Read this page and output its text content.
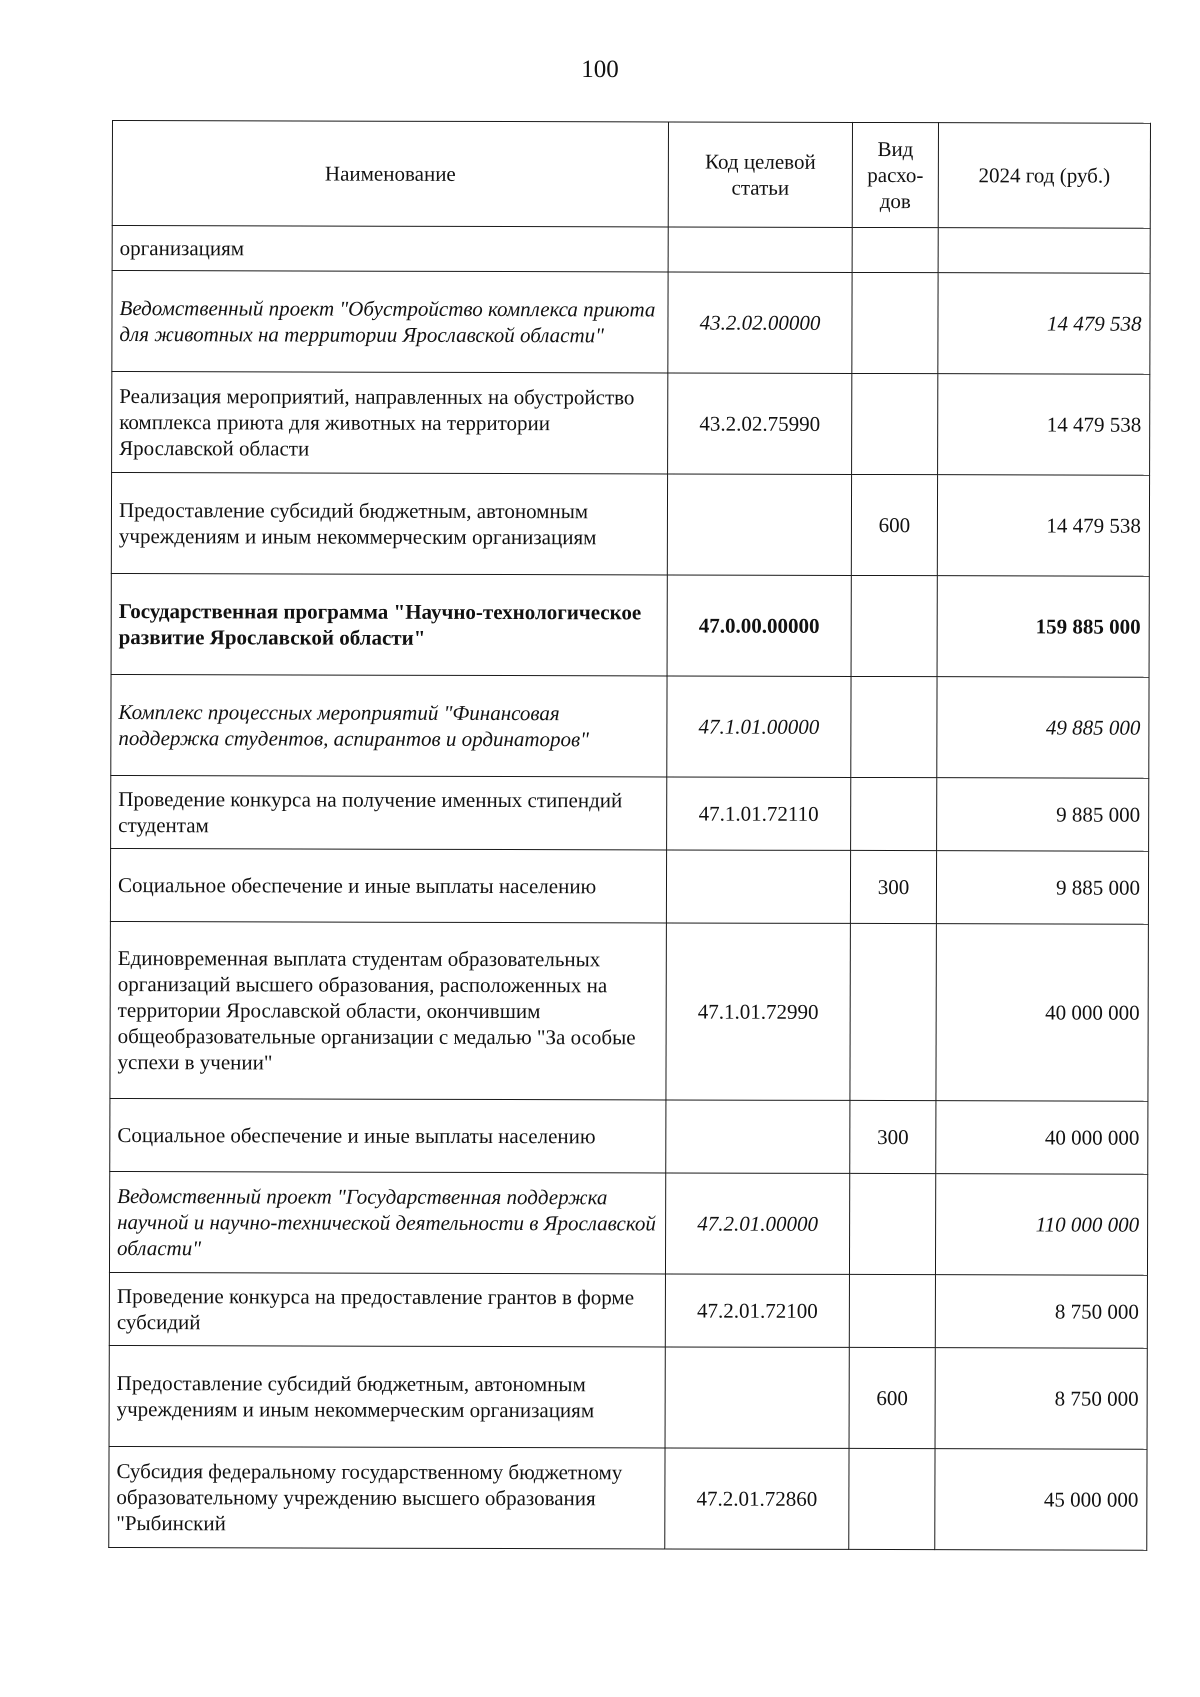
100
Наименование	Код целевой статьи	Вид расхо-дов	2024 год (руб.)
организациям			
Ведомственный проект "Обустройство комплекса приюта для животных на территории Ярославской области"	43.2.02.00000		14 479 538
Реализация мероприятий, направленных на обустройство комплекса приюта для животных на территории Ярославской области	43.2.02.75990		14 479 538
Предоставление субсидий бюджетным, автономным учреждениям и иным некоммерческим организациям		600	14 479 538
Государственная программа "Научно-технологическое развитие Ярославской области"	47.0.00.00000		159 885 000
Комплекс процессных мероприятий "Финансовая поддержка студентов, аспирантов и ординаторов"	47.1.01.00000		49 885 000
Проведение конкурса на получение именных стипендий студентам	47.1.01.72110		9 885 000
Социальное обеспечение и иные выплаты населению		300	9 885 000
Единовременная выплата студентам образовательных организаций высшего образования, расположенных на территории Ярославской области, окончившим общеобразовательные организации с медалью "За особые успехи в учении"	47.1.01.72990		40 000 000
Социальное обеспечение и иные выплаты населению		300	40 000 000
Ведомственный проект "Государственная поддержка научной и научно-технической деятельности в Ярославской области"	47.2.01.00000		110 000 000
Проведение конкурса на предоставление грантов в форме субсидий	47.2.01.72100		8 750 000
Предоставление субсидий бюджетным, автономным учреждениям и иным некоммерческим организациям		600	8 750 000
Субсидия федеральному государственному бюджетному образовательному учреждению высшего образования "Рыбинский	47.2.01.72860		45 000 000
